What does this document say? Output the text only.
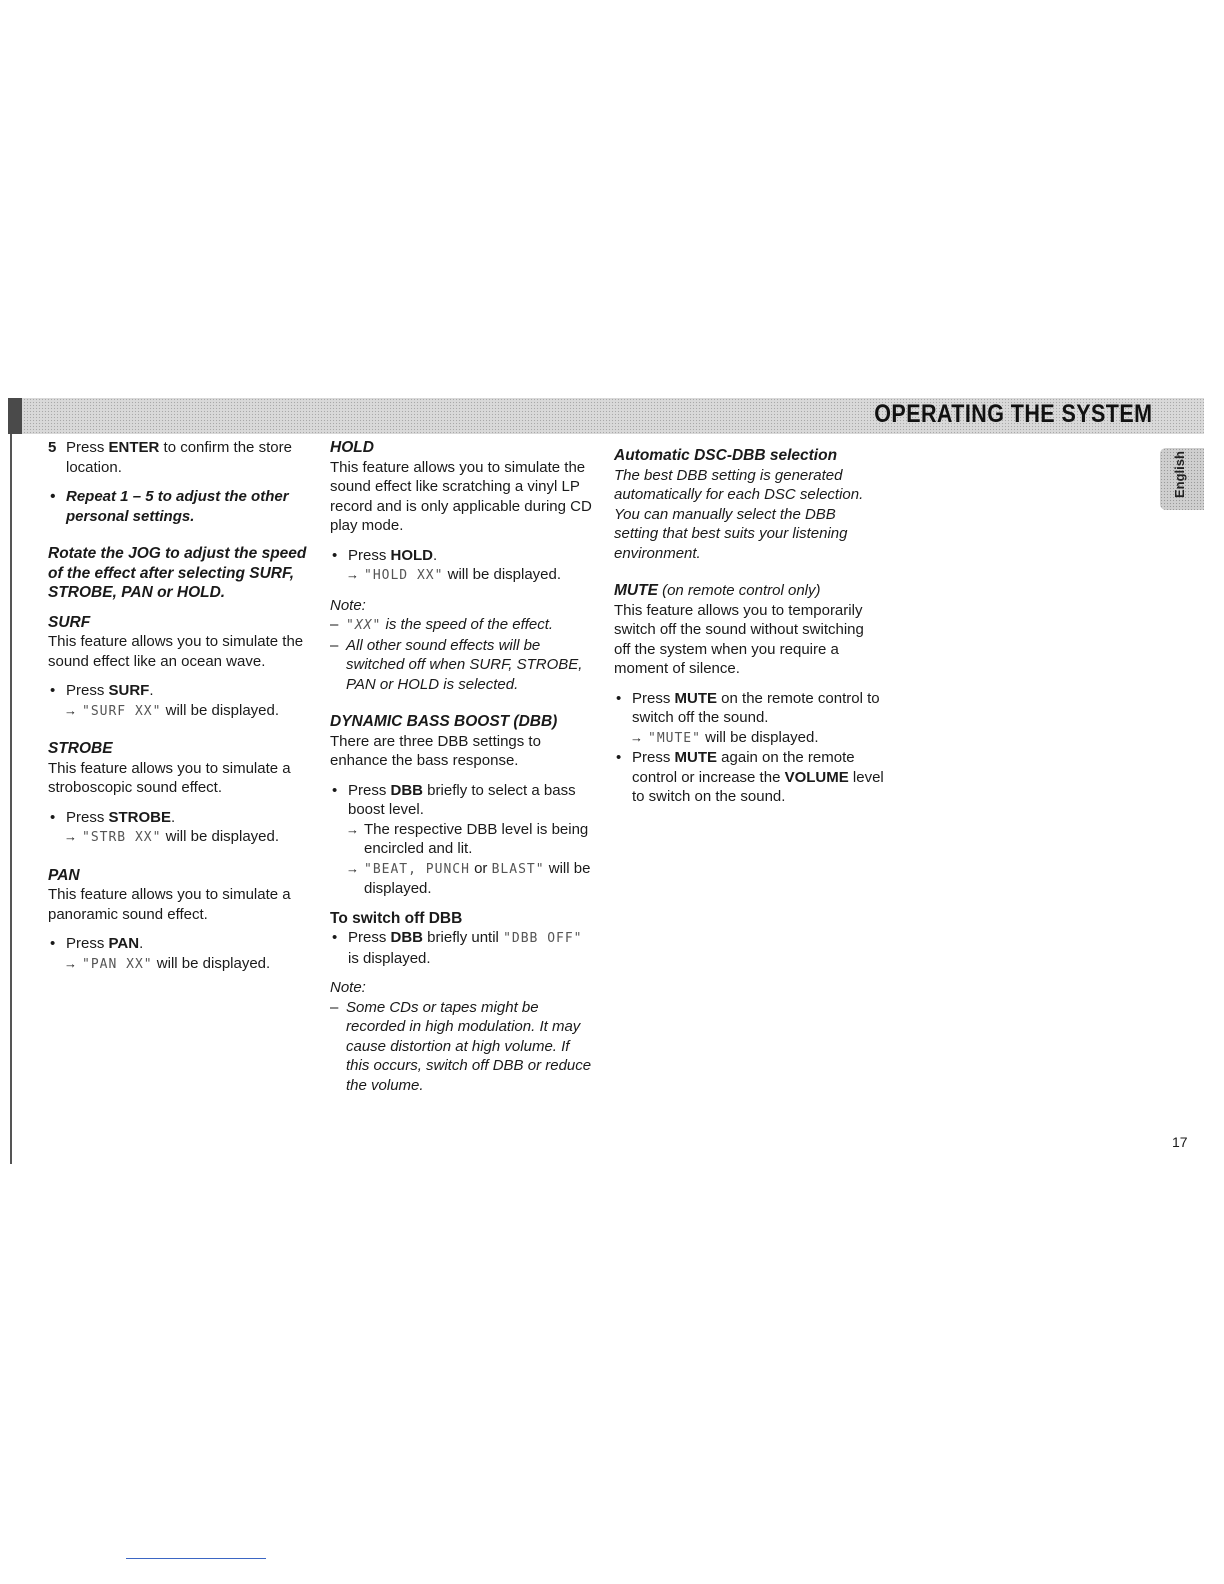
OPERATING THE SYSTEM
English
5 Press ENTER to confirm the store location.
• Repeat 1 – 5 to adjust the other personal settings.

Rotate the JOG to adjust the speed of the effect after selecting SURF, STROBE, PAN or HOLD.

SURF

This feature allows you to simulate the sound effect like an ocean wave.

• Press SURF.
→ "SURF XX" will be displayed.

STROBE

This feature allows you to simulate a stroboscopic sound effect.

• Press STROBE.
→ "STRB XX" will be displayed.

PAN

This feature allows you to simulate a panoramic sound effect.

• Press PAN.
→ "PAN XX" will be displayed.

HOLD

This feature allows you to simulate the sound effect like scratching a vinyl LP record and is only applicable during CD play mode.

• Press HOLD.
→ "HOLD XX" will be displayed.

Note:

– "XX" is the speed of the effect.
– All other sound effects will be switched off when SURF, STROBE, PAN or HOLD is selected.

DYNAMIC BASS BOOST (DBB)

There are three DBB settings to enhance the bass response.

• Press DBB briefly to select a bass boost level.
→ The respective DBB level is being encircled and lit.
→ "BEAT, PUNCH or BLAST" will be displayed.

To switch off DBB

• Press DBB briefly until "DBB OFF" is displayed.

Note:

– Some CDs or tapes might be recorded in high modulation. It may cause distortion at high volume. If this occurs, switch off DBB or reduce the volume.

Automatic DSC-DBB selection

The best DBB setting is generated automatically for each DSC selection. You can manually select the DBB setting that best suits your listening environment.

MUTE (on remote control only)

This feature allows you to temporarily switch off the sound without switching off the system when you require a moment of silence.

• Press MUTE on the remote control to switch off the sound.
→ "MUTE" will be displayed.
• Press MUTE again on the remote control or increase the VOLUME level to switch on the sound.
17
